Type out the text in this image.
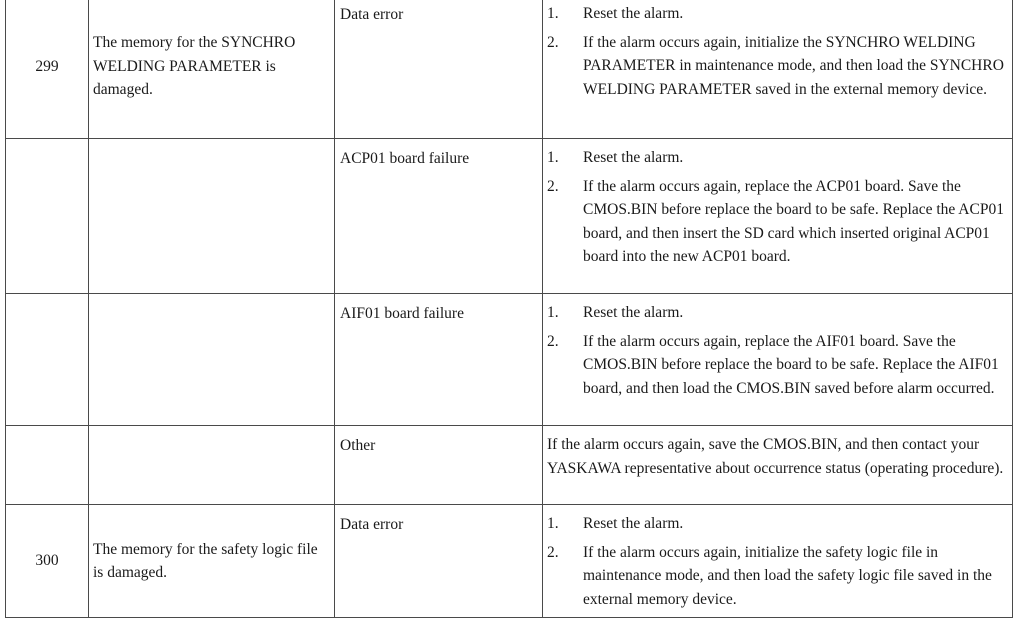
299	The memory for the SYNCHRO WELDING PARAMETER is damaged.	Data error	1. Reset the alarm.
2. If the alarm occurs again, initialize the SYNCHRO WELDING PARAMETER in maintenance mode, and then load the SYNCHRO WELDING PARAMETER saved in the external memory device.

		ACP01 board failure	1. Reset the alarm.
2. If the alarm occurs again, replace the ACP01 board. Save the CMOS.BIN before replace the board to be safe. Replace the ACP01 board, and then insert the SD card which inserted original ACP01 board into the new ACP01 board.

		AIF01 board failure	1. Reset the alarm.
2. If the alarm occurs again, replace the AIF01 board. Save the CMOS.BIN before replace the board to be safe. Replace the AIF01 board, and then load the CMOS.BIN saved before alarm occurred.

		Other	If the alarm occurs again, save the CMOS.BIN, and then contact your YASKAWA representative about occurrence status (operating procedure).

300	The memory for the safety logic file is damaged.	Data error	1. Reset the alarm.
2. If the alarm occurs again, initialize the safety logic file in maintenance mode, and then load the safety logic file saved in the external memory device.
